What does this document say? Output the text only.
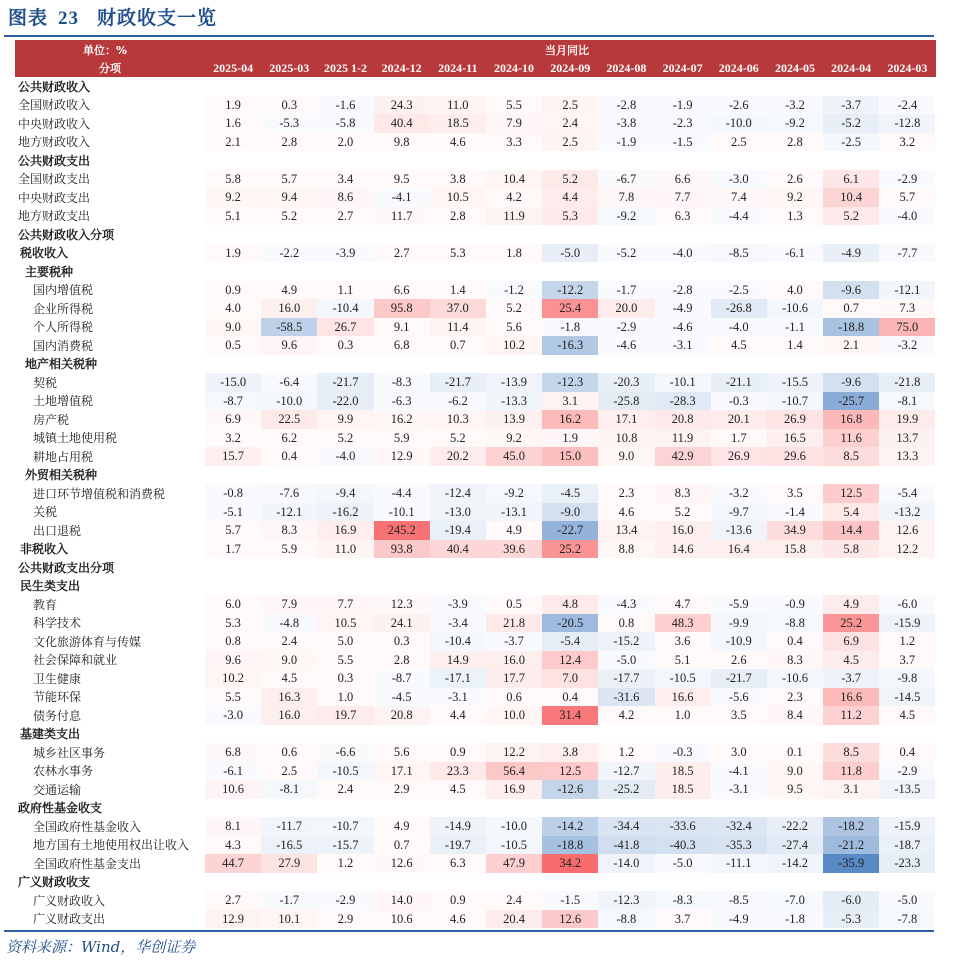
图表 23 财政收支一览
单位：%
分项
当月同比
2025-04	2025-03	2025 1-2	2024-12	2024-11	2024-10	2024-09	2024-08	2024-07	2024-06	2024-05	2024-04	2024-03
公共财政收入
全国财政收入	1.9	0.3	-1.6	24.3	11.0	5.5	2.5	-2.8	-1.9	-2.6	-3.2	-3.7	-2.4
中央财政收入	1.6	-5.3	-5.8	40.4	18.5	7.9	2.4	-3.8	-2.3	-10.0	-9.2	-5.2	-12.8
地方财政收入	2.1	2.8	2.0	9.8	4.6	3.3	2.5	-1.9	-1.5	2.5	2.8	-2.5	3.2
公共财政支出
全国财政支出	5.8	5.7	3.4	9.5	3.8	10.4	5.2	-6.7	6.6	-3.0	2.6	6.1	-2.9
中央财政支出	9.2	9.4	8.6	-4.1	10.5	4.2	4.4	7.8	7.7	7.4	9.2	10.4	5.7
地方财政支出	5.1	5.2	2.7	11.7	2.8	11.9	5.3	-9.2	6.3	-4.4	1.3	5.2	-4.0
公共财政收入分项
税收收入	1.9	-2.2	-3.9	2.7	5.3	1.8	-5.0	-5.2	-4.0	-8.5	-6.1	-4.9	-7.7
主要税种
国内增值税	0.9	4.9	1.1	6.6	1.4	-1.2	-12.2	-1.7	-2.8	-2.5	4.0	-9.6	-12.1
企业所得税	4.0	16.0	-10.4	95.8	37.0	5.2	25.4	20.0	-4.9	-26.8	-10.6	0.7	7.3
个人所得税	9.0	-58.5	26.7	9.1	11.4	5.6	-1.8	-2.9	-4.6	-4.0	-1.1	-18.8	75.0
国内消费税	0.5	9.6	0.3	6.8	0.7	10.2	-16.3	-4.6	-3.1	4.5	1.4	2.1	-3.2
地产相关税种
契税	-15.0	-6.4	-21.7	-8.3	-21.7	-13.9	-12.3	-20.3	-10.1	-21.1	-15.5	-9.6	-21.8
土地增值税	-8.7	-10.0	-22.0	-6.3	-6.2	-13.3	3.1	-25.8	-28.3	-0.3	-10.7	-25.7	-8.1
房产税	6.9	22.5	9.9	16.2	10.3	13.9	16.2	17.1	20.8	20.1	26.9	16.8	19.9
城镇土地使用税	3.2	6.2	5.2	5.9	5.2	9.2	1.9	10.8	11.9	1.7	16.5	11.6	13.7
耕地占用税	15.7	0.4	-4.0	12.9	20.2	45.0	15.0	9.0	42.9	26.9	29.6	8.5	13.3
外贸相关税种
进口环节增值税和消费税	-0.8	-7.6	-9.4	-4.4	-12.4	-9.2	-4.5	2.3	8.3	-3.2	3.5	12.5	-5.4
关税	-5.1	-12.1	-16.2	-10.1	-13.0	-13.1	-9.0	4.6	5.2	-9.7	-1.4	5.4	-13.2
出口退税	5.7	8.3	16.9	245.2	-19.4	4.9	-22.7	13.4	16.0	-13.6	34.9	14.4	12.6
非税收入	1.7	5.9	11.0	93.8	40.4	39.6	25.2	8.8	14.6	16.4	15.8	5.8	12.2
公共财政支出分项
民生类支出
教育	6.0	7.9	7.7	12.3	-3.9	0.5	4.8	-4.3	4.7	-5.9	-0.9	4.9	-6.0
科学技术	5.3	-4.8	10.5	24.1	-3.4	21.8	-20.5	0.8	48.3	-9.9	-8.8	25.2	-15.9
文化旅游体育与传媒	0.8	2.4	5.0	0.3	-10.4	-3.7	-5.4	-15.2	3.6	-10.9	0.4	6.9	1.2
社会保障和就业	9.6	9.0	5.5	2.8	14.9	16.0	12.4	-5.0	5.1	2.6	8.3	4.5	3.7
卫生健康	10.2	4.5	0.3	-8.7	-17.1	17.7	7.0	-17.7	-10.5	-21.7	-10.6	-3.7	-9.8
节能环保	5.5	16.3	1.0	-4.5	-3.1	0.6	0.4	-31.6	16.6	-5.6	2.3	16.6	-14.5
债务付息	-3.0	16.0	19.7	20.8	4.4	10.0	31.4	4.2	1.0	3.5	8.4	11.2	4.5
基建类支出
城乡社区事务	6.8	0.6	-6.6	5.6	0.9	12.2	3.8	1.2	-0.3	3.0	0.1	8.5	0.4
农林水事务	-6.1	2.5	-10.5	17.1	23.3	56.4	12.5	-12.7	18.5	-4.1	9.0	11.8	-2.9
交通运输	10.6	-8.1	2.4	2.9	4.5	16.9	-12.6	-25.2	18.5	-3.1	9.5	3.1	-13.5
政府性基金收支
全国政府性基金收入	8.1	-11.7	-10.7	4.9	-14.9	-10.0	-14.2	-34.4	-33.6	-32.4	-22.2	-18.2	-15.9
地方国有土地使用权出让收入	4.3	-16.5	-15.7	0.7	-19.7	-10.5	-18.8	-41.8	-40.3	-35.3	-27.4	-21.2	-18.7
全国政府性基金支出	44.7	27.9	1.2	12.6	6.3	47.9	34.2	-14.0	-5.0	-11.1	-14.2	-35.9	-23.3
广义财政收支
广义财政收入	2.7	-1.7	-2.9	14.0	0.9	2.4	-1.5	-12.3	-8.3	-8.5	-7.0	-6.0	-5.0
广义财政支出	12.9	10.1	2.9	10.6	4.6	20.4	12.6	-8.8	3.7	-4.9	-1.8	-5.3	-7.8
资料来源：Wind，华创证券
